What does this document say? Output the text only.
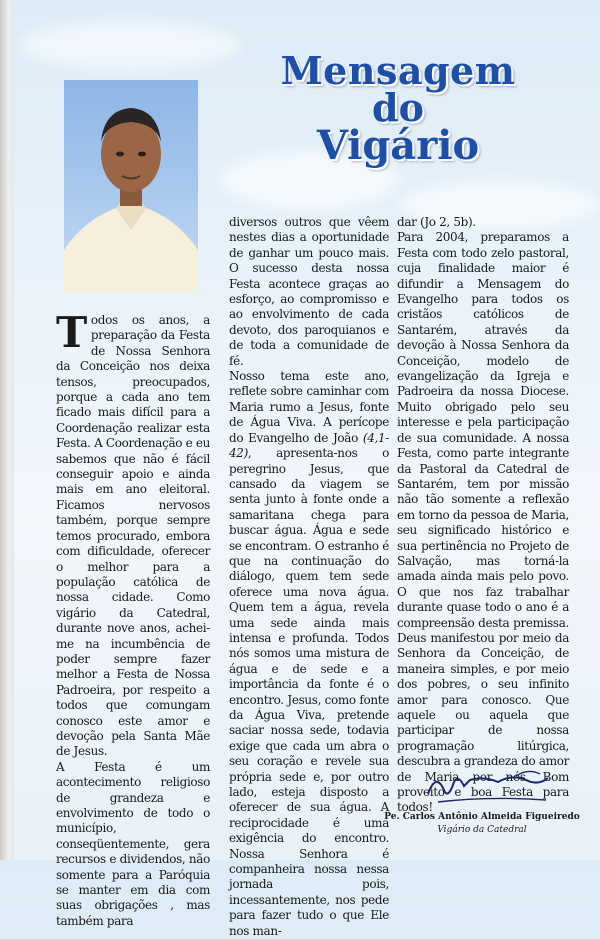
Mensagem
do
Vigário
T odos os anos, a preparação da Festa de Nossa Senhora da Conceição nos deixa tensos, preocupados, porque a cada ano tem ficado mais difícil para a Coordenação realizar esta Festa. A Coordenação e eu sabemos que não é fácil conseguir apoio e ainda mais em ano eleitoral. Ficamos nervosos também, porque sempre temos procurado, embora com dificuldade, oferecer o melhor para a população católica de nossa cidade. Como vigário da Catedral, durante nove anos, achei-me na incumbência de poder sempre fazer melhor a Festa de Nossa Padroeira, por respeito a todos que comungam conosco este amor e devoção pela Santa Mãe de Jesus.

A Festa é um acontecimento religioso de grandeza e envolvimento de todo o município, conseqüentemente, gera recursos e dividendos, não somente para a Paróquia se manter em dia com suas obrigações , mas também para

diversos outros que vêem nestes dias a oportunidade de ganhar um pouco mais. O sucesso desta nossa Festa acontece graças ao esforço, ao compromisso e ao envolvimento de cada devoto, dos paroquianos e de toda a comunidade de fé.

Nosso tema este ano, reflete sobre caminhar com Maria rumo a Jesus, fonte de Água Viva. A perícope do Evangelho de João (4,1-42), apresenta-nos o peregrino Jesus, que cansado da viagem se senta junto à fonte onde a samaritana chega para buscar água. Água e sede se encontram. O estranho é que na continuação do diálogo, quem tem sede oferece uma nova água. Quem tem a água, revela uma sede ainda mais intensa e profunda. Todos nós somos uma mistura de água e de sede e a importância da fonte é o encontro. Jesus, como fonte da Água Viva, pretende saciar nossa sede, todavia exige que cada um abra o seu coração e revele sua própria sede e, por outro lado, esteja disposto a oferecer de sua água. A reciprocidade é uma exigência do encontro. Nossa Senhora é companheira nossa nessa jornada pois, incessantemente, nos pede para fazer tudo o que Ele nos man-

dar (Jo 2, 5b).

Para 2004, preparamos a Festa com todo zelo pastoral, cuja finalidade maior é difundir a Mensagem do Evangelho para todos os cristãos católicos de Santarém, através da devoção à Nossa Senhora da Conceição, modelo de evangelização da Igreja e Padroeira da nossa Diocese. Muito obrigado pelo seu interesse e pela participação de sua comunidade. A nossa Festa, como parte integrante da Pastoral da Catedral de Santarém, tem por missão não tão somente a reflexão em torno da pessoa de Maria, seu significado histórico e sua pertinência no Projeto de Salvação, mas torná-la amada ainda mais pelo povo. O que nos faz trabalhar durante quase todo o ano é a compreensão desta premissa. Deus manifestou por meio da Senhora da Conceição, de maneira simples, e por meio dos pobres, o seu infinito amor para conosco. Que aquele ou aquela que participar de nossa programação litúrgica, descubra a grandeza do amor de Maria por nós. Bom proveito e boa Festa para todos!

Pe. Carlos Antônio Almeida Figueiredo
Vigário da Catedral
